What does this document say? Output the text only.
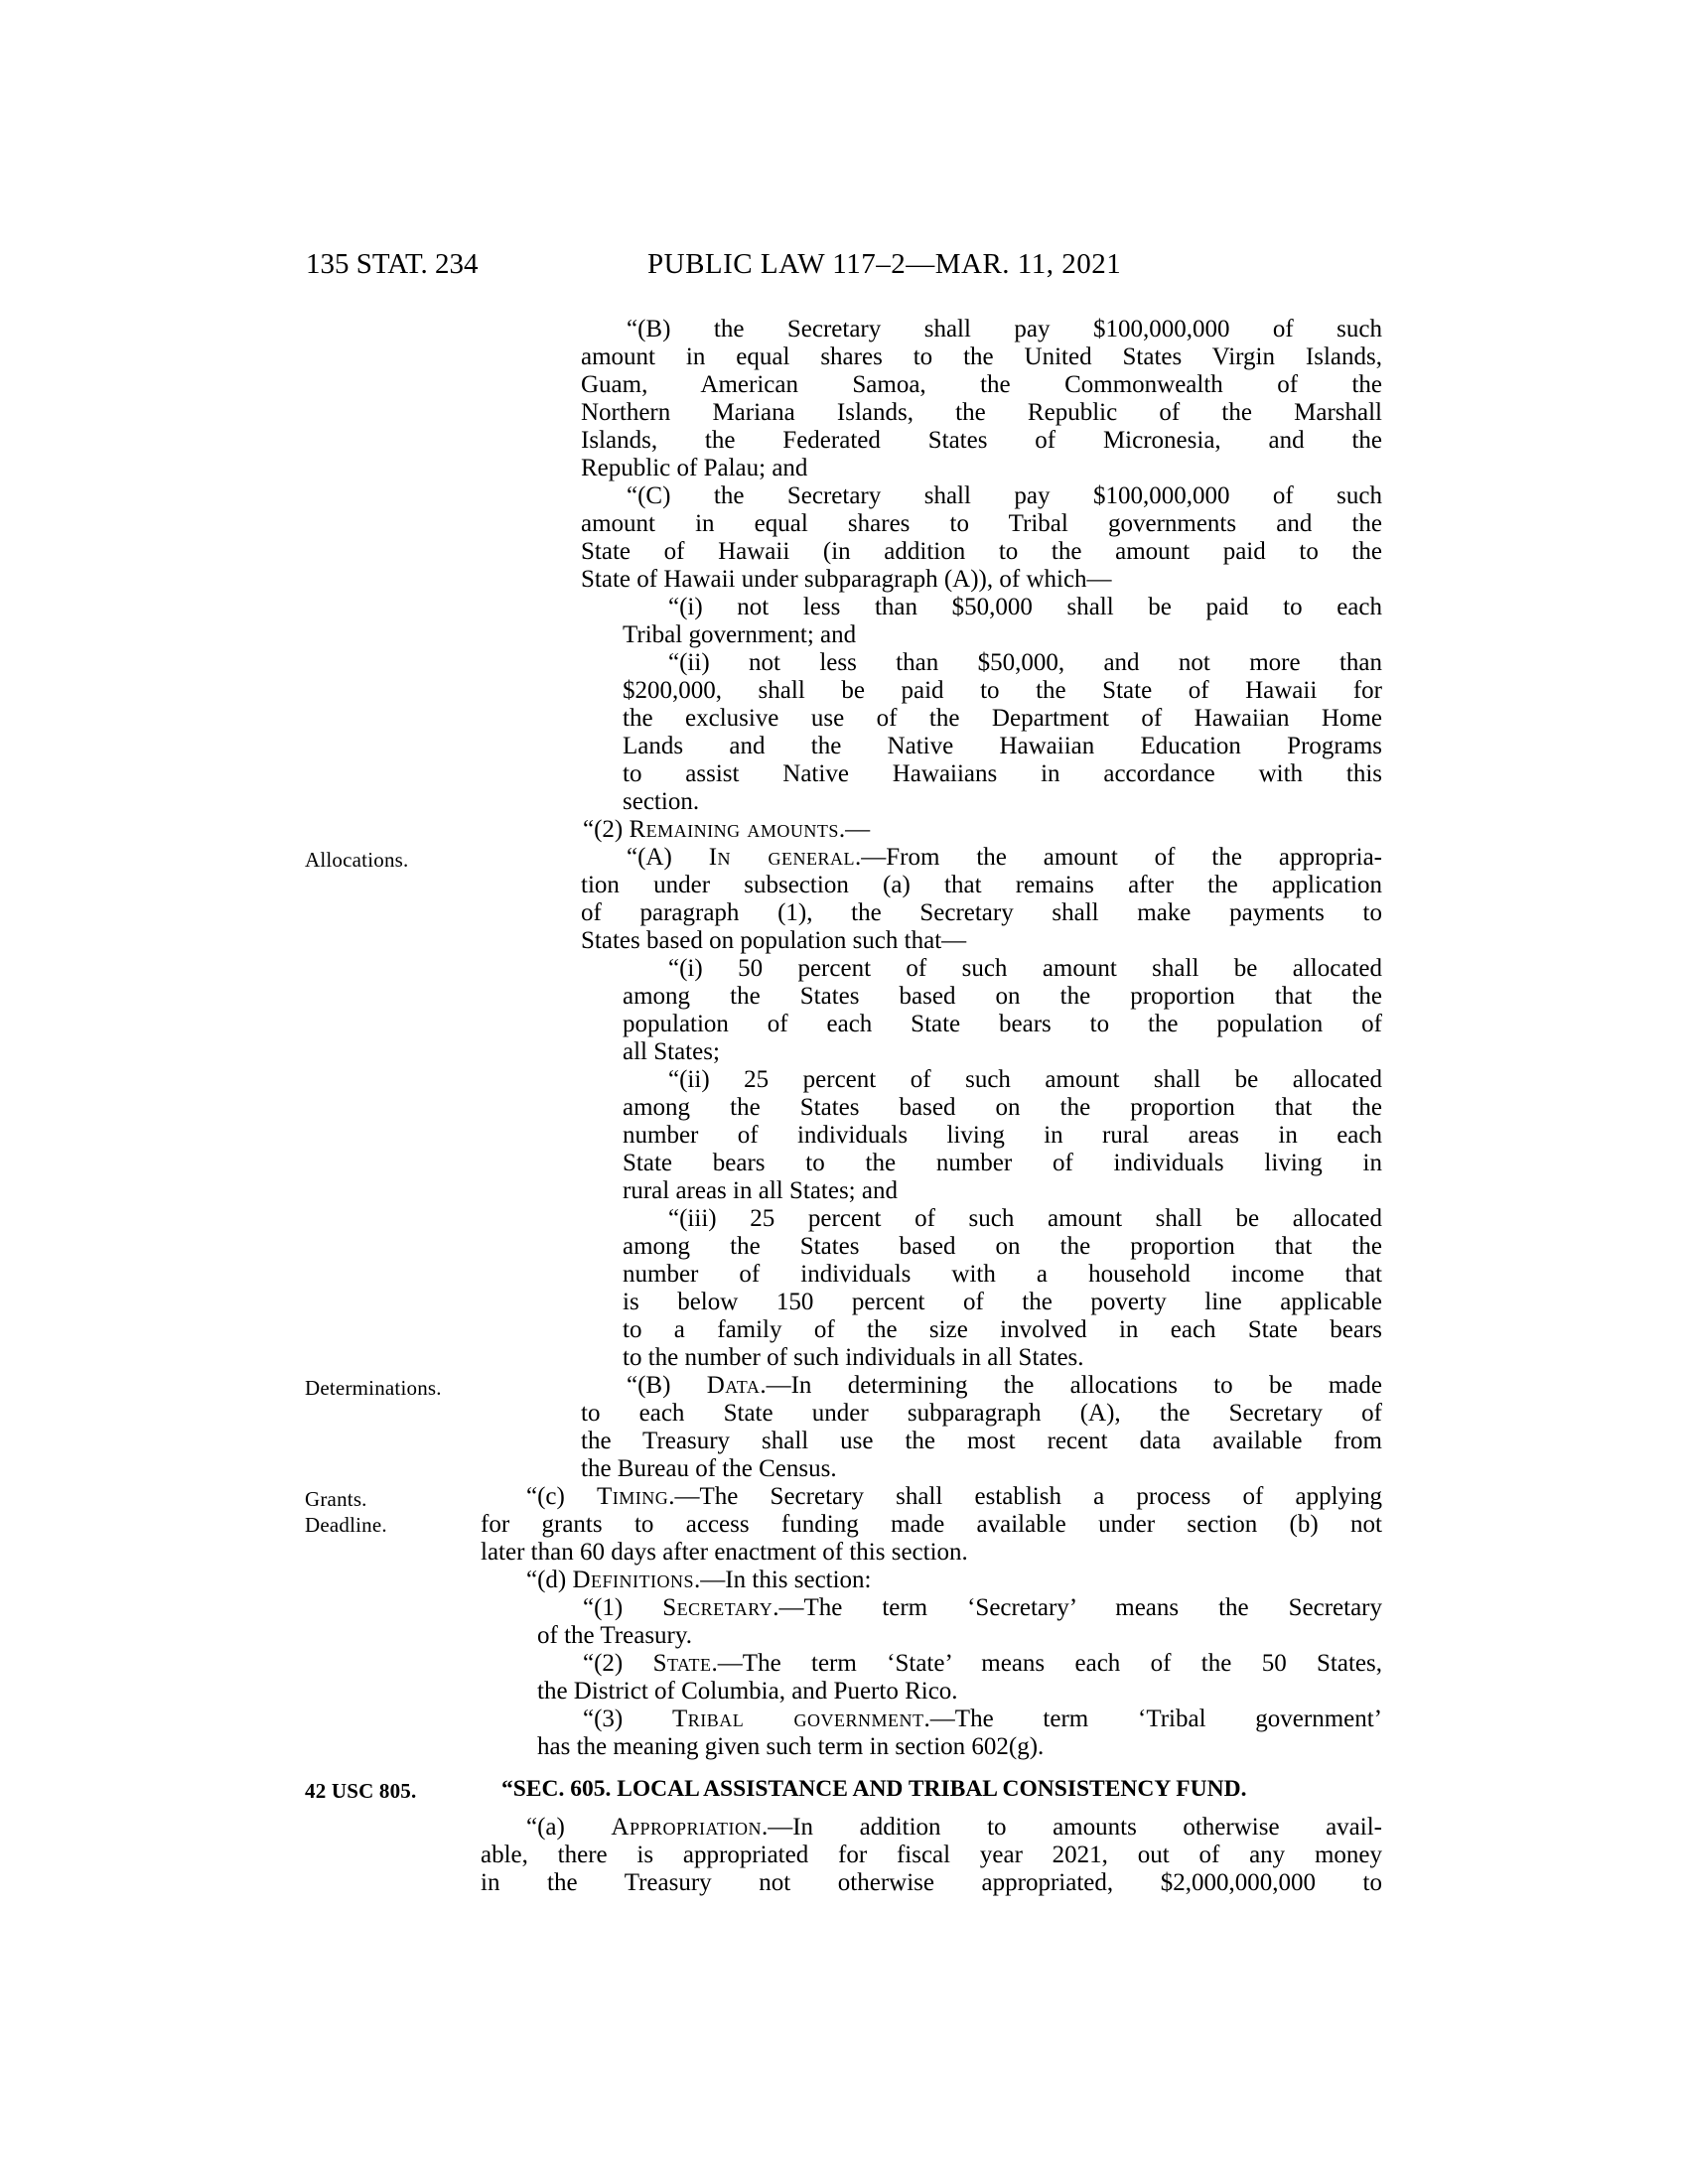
135 STAT. 234	PUBLIC LAW 117–2—MAR. 11, 2021
“(B) the Secretary shall pay $100,000,000 of such
amount in equal shares to the United States Virgin Islands,
Guam, American Samoa, the Commonwealth of the
Northern Mariana Islands, the Republic of the Marshall
Islands, the Federated States of Micronesia, and the
Republic of Palau; and
“(C) the Secretary shall pay $100,000,000 of such
amount in equal shares to Tribal governments and the
State of Hawaii (in addition to the amount paid to the
State of Hawaii under subparagraph (A)), of which—
“(i) not less than $50,000 shall be paid to each
Tribal government; and
“(ii) not less than $50,000, and not more than
$200,000, shall be paid to the State of Hawaii for
the exclusive use of the Department of Hawaiian Home
Lands and the Native Hawaiian Education Programs
to assist Native Hawaiians in accordance with this
section.
“(2) Remaining amounts.—
Allocations.	“(A) In general.—From the amount of the appropria-
tion under subsection (a) that remains after the application
of paragraph (1), the Secretary shall make payments to
States based on population such that—
“(i) 50 percent of such amount shall be allocated
among the States based on the proportion that the
population of each State bears to the population of
all States;
“(ii) 25 percent of such amount shall be allocated
among the States based on the proportion that the
number of individuals living in rural areas in each
State bears to the number of individuals living in
rural areas in all States; and
“(iii) 25 percent of such amount shall be allocated
among the States based on the proportion that the
number of individuals with a household income that
is below 150 percent of the poverty line applicable
to a family of the size involved in each State bears
to the number of such individuals in all States.
Determinations.	“(B) Data.—In determining the allocations to be made
to each State under subparagraph (A), the Secretary of
the Treasury shall use the most recent data available from
the Bureau of the Census.
Grants.
Deadline.
“(c) Timing.—The Secretary shall establish a process of applying
for grants to access funding made available under section (b) not
later than 60 days after enactment of this section.
“(d) Definitions.—In this section:
“(1) Secretary.—The term ‘Secretary’ means the Secretary
of the Treasury.
“(2) State.—The term ‘State’ means each of the 50 States,
the District of Columbia, and Puerto Rico.
“(3) Tribal government.—The term ‘Tribal government’
has the meaning given such term in section 602(g).
42 USC 805.	“SEC. 605. LOCAL ASSISTANCE AND TRIBAL CONSISTENCY FUND.
“(a) Appropriation.—In addition to amounts otherwise avail-
able, there is appropriated for fiscal year 2021, out of any money
in the Treasury not otherwise appropriated, $2,000,000,000 to
